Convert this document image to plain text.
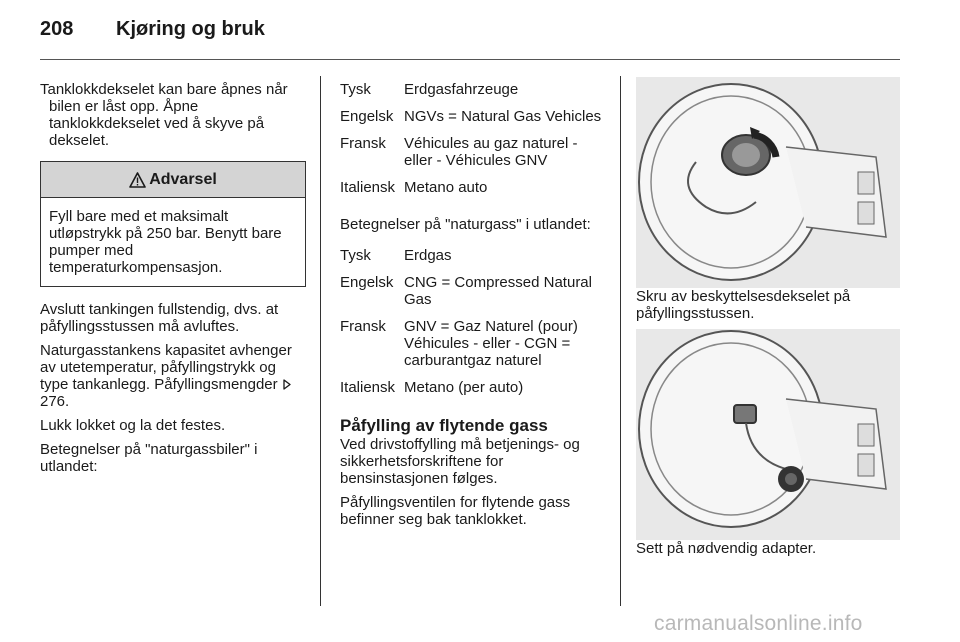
208 Kjøring og bruk

Tanklokkdekselet kan bare åpnes når bilen er låst opp. Åpne tanklokkdekselet ved å skyve på dekselet.

Advarsel
Fyll bare med et maksimalt utløpstrykk på 250 bar. Benytt bare pumper med temperaturkompensasjon.

Avslutt tankingen fullstendig, dvs. at påfyllingsstussen må avluftes.

Naturgasstankens kapasitet avhenger av utetemperatur, påfyllingstrykk og type tankanlegg. Påfyllingsmengder  276.

Lukk lokket og la det festes.

Betegnelser på "naturgassbiler" i utlandet:

Tysk	Erdgasfahrzeuge
Engelsk	NGVs = Natural Gas Vehicles
Fransk	Véhicules au gaz naturel - eller - Véhicules GNV
Italiensk	Metano auto

Betegnelser på "naturgass" i utlandet:

Tysk	Erdgas
Engelsk	CNG = Compressed Natural Gas
Fransk	GNV = Gaz Naturel (pour) Véhicules - eller - CGN = carburantgaz naturel
Italiensk	Metano (per auto)
Påfylling av flytende gass

Ved drivstoffylling må betjenings- og sikkerhetsforskriftene for bensinstasjonen følges.

Påfyllingsventilen for flytende gass befinner seg bak tanklokket.

Skru av beskyttelsesdekselet på påfyllingsstussen.

Sett på nødvendig adapter.

carmanualsonline.info
